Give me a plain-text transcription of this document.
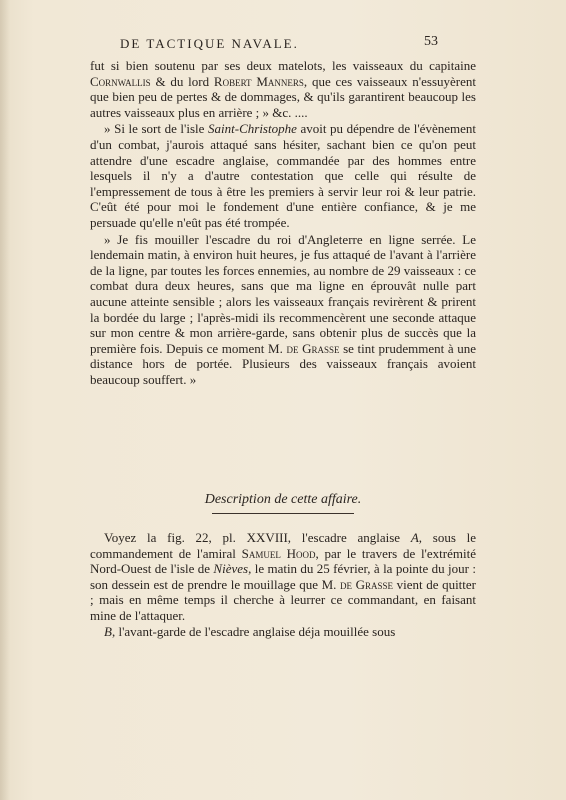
DE TACTIQUE NAVALE.	53

fut si bien soutenu par ses deux matelots, les vaisseaux du capitaine Cornwallis & du lord Robert Manners, que ces vaisseaux n'essuyèrent que bien peu de pertes & de dommages, & qu'ils garantirent beaucoup les autres vaisseaux plus en arrière ; » &c. ....

» Si le sort de l'isle Saint-Christophe avoit pu dépendre de l'évènement d'un combat, j'aurois attaqué sans hésiter, sachant bien ce qu'on peut attendre d'une escadre anglaise, commandée par des hommes entre lesquels il n'y a d'autre contestation que celle qui résulte de l'empressement de tous à être les premiers à servir leur roi & leur patrie. C'eût été pour moi le fondement d'une entière confiance, & je me persuade qu'elle n'eût pas été trompée.

» Je fis mouiller l'escadre du roi d'Angleterre en ligne serrée. Le lendemain matin, à environ huit heures, je fus attaqué de l'avant à l'arrière de la ligne, par toutes les forces ennemies, au nombre de 29 vaisseaux : ce combat dura deux heures, sans que ma ligne en éprouvât nulle part aucune atteinte sensible ; alors les vaisseaux français revirèrent & prirent la bordée du large ; l'après-midi ils recommencèrent une seconde attaque sur mon centre & mon arrière-garde, sans obtenir plus de succès que la première fois. Depuis ce moment M. de Grasse se tint prudemment à une distance hors de portée. Plusieurs des vaisseaux français avoient beaucoup souffert. »

Description de cette affaire.

Voyez la fig. 22, pl. XXVIII, l'escadre anglaise A, sous le commandement de l'amiral Samuel Hood, par le travers de l'extrémité Nord-Ouest de l'isle de Nièves, le matin du 25 février, à la pointe du jour : son dessein est de prendre le mouillage que M. de Grasse vient de quitter ; mais en même temps il cherche à leurrer ce commandant, en faisant mine de l'attaquer.

B, l'avant-garde de l'escadre anglaise déja mouillée sous
